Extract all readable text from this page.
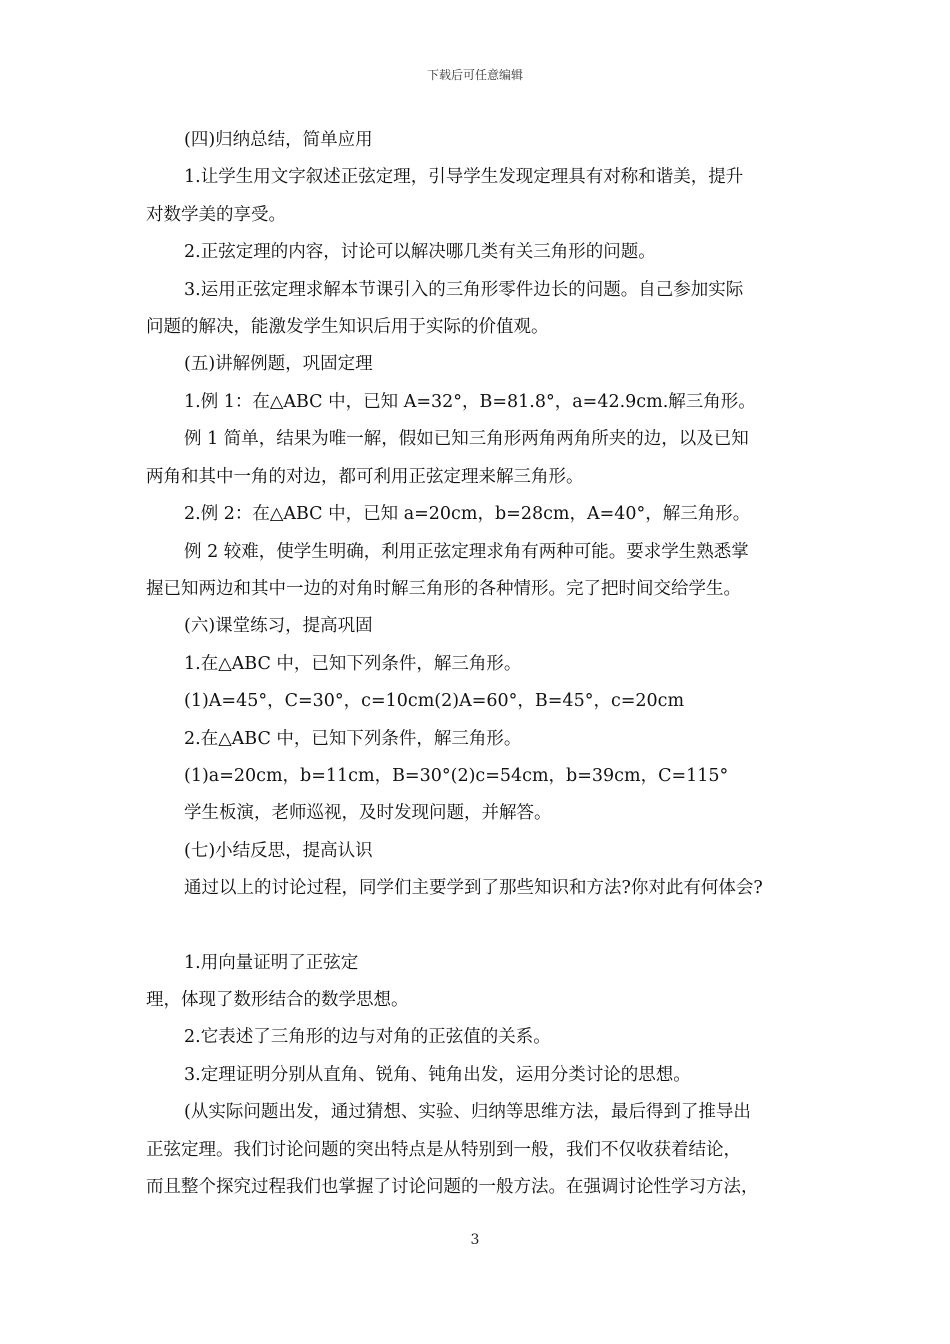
下载后可任意编辑
(四)归纳总结，简单应用
1.让学生用文字叙述正弦定理，引导学生发现定理具有对称和谐美，提升
对数学美的享受。
2.正弦定理的内容，讨论可以解决哪几类有关三角形的问题。
3.运用正弦定理求解本节课引入的三角形零件边长的问题。自己参加实际
问题的解决，能激发学生知识后用于实际的价值观。
(五)讲解例题，巩固定理
1.例 1：在△ABC 中，已知 A=32°，B=81.8°，a=42.9cm.解三角形。
例 1 简单，结果为唯一解，假如已知三角形两角两角所夹的边，以及已知
两角和其中一角的对边，都可利用正弦定理来解三角形。
2.例 2：在△ABC 中，已知 a=20cm，b=28cm，A=40°，解三角形。
例 2 较难，使学生明确，利用正弦定理求角有两种可能。要求学生熟悉掌
握已知两边和其中一边的对角时解三角形的各种情形。完了把时间交给学生。
(六)课堂练习，提高巩固
1.在△ABC 中，已知下列条件，解三角形。
(1)A=45°，C=30°，c=10cm(2)A=60°，B=45°，c=20cm
2.在△ABC 中，已知下列条件，解三角形。
(1)a=20cm，b=11cm，B=30°(2)c=54cm，b=39cm，C=115°
学生板演，老师巡视，及时发现问题，并解答。
(七)小结反思，提高认识
通过以上的讨论过程，同学们主要学到了那些知识和方法?你对此有何体会?
1.用向量证明了正弦定
理，体现了数形结合的数学思想。
2.它表述了三角形的边与对角的正弦值的关系。
3.定理证明分别从直角、锐角、钝角出发，运用分类讨论的思想。
(从实际问题出发，通过猜想、实验、归纳等思维方法，最后得到了推导出
正弦定理。我们讨论问题的突出特点是从特别到一般，我们不仅收获着结论，
而且整个探究过程我们也掌握了讨论问题的一般方法。在强调讨论性学习方法，
3
